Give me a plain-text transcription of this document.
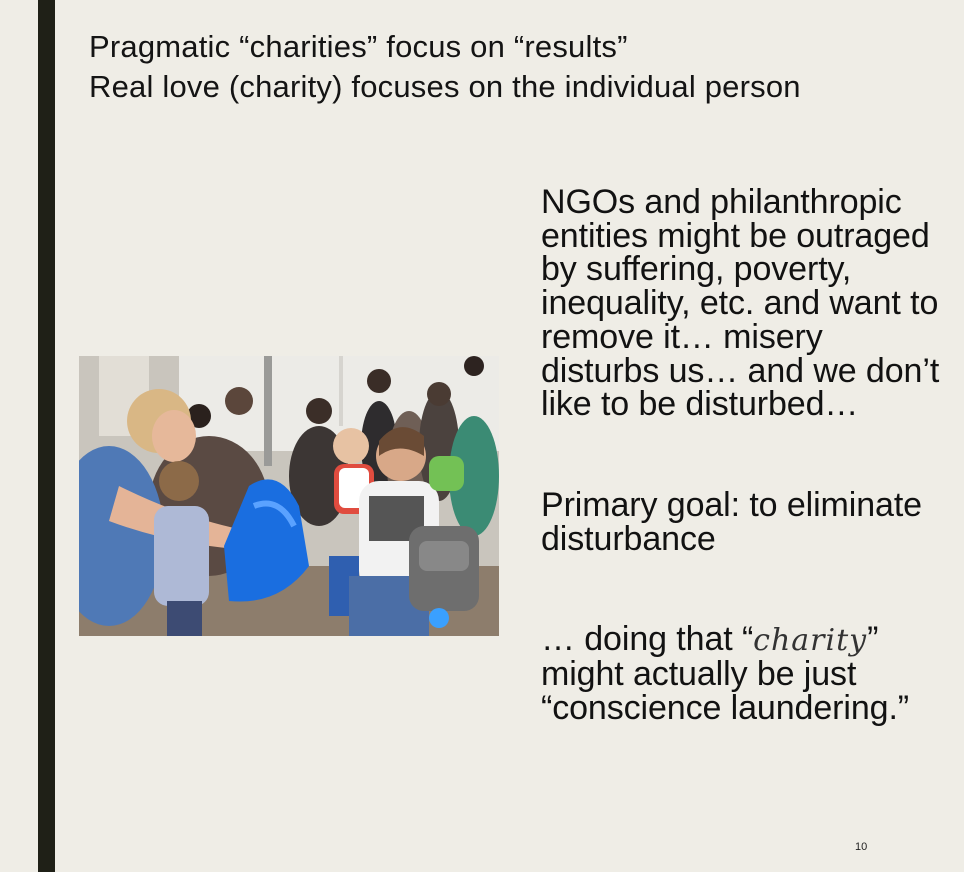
Pragmatic “charities” focus on “results”
Real love (charity) focuses on the individual person

NGOs and philanthropic entities might be outraged by suffering, poverty, inequality, etc. and want to remove it… misery disturbs us… and we don’t like to be disturbed…

Primary goal: to eliminate disturbance

… doing that “charity” might actually be just “conscience laundering.”

10
